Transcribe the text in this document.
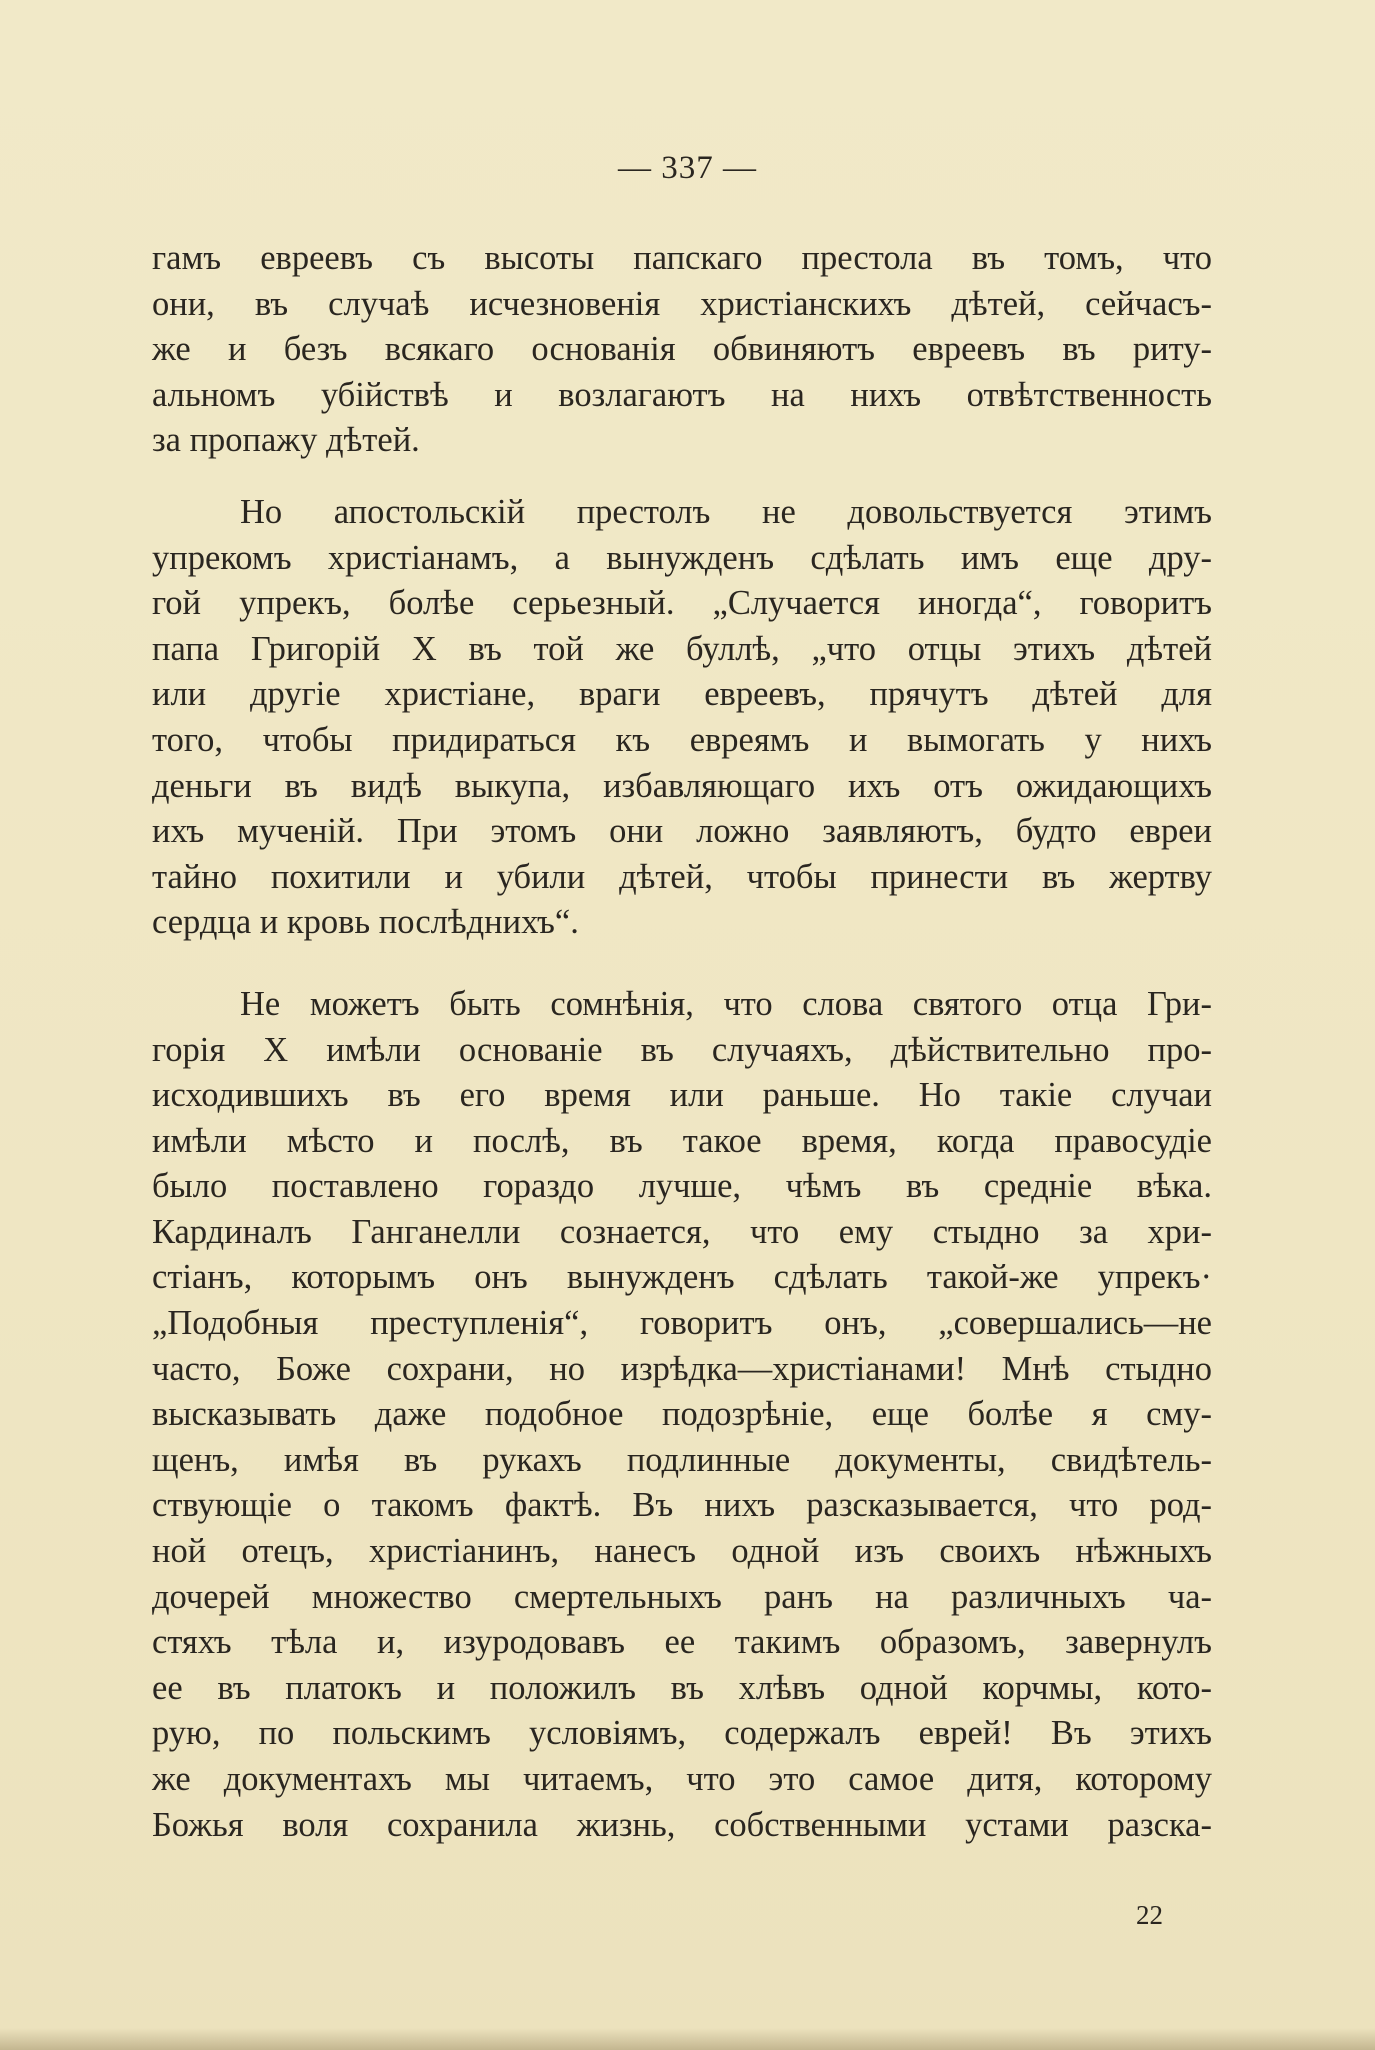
— 337 —

гамъ евреевъ съ высоты папскаго престола въ томъ, что
они, въ случаѣ исчезновенія христіанскихъ дѣтей, сейчасъ-
же и безъ всякаго основанія обвиняютъ евреевъ въ риту-
альномъ убійствѣ и возлагаютъ на нихъ отвѣтственность
за пропажу дѣтей.

Но апостольскій престолъ не довольствуется этимъ
упрекомъ христіанамъ, а вынужденъ сдѣлать имъ еще дру-
гой упрекъ, болѣе серьезный. „Случается иногда“, говоритъ
папа Григорій X въ той же буллѣ, „что отцы этихъ дѣтей
или другіе христіане, враги евреевъ, прячутъ дѣтей для
того, чтобы придираться къ евреямъ и вымогать у нихъ
деньги въ видѣ выкупа, избавляющаго ихъ отъ ожидающихъ
ихъ мученій. При этомъ они ложно заявляютъ, будто евреи
тайно похитили и убили дѣтей, чтобы принести въ жертву
сердца и кровь послѣднихъ“.

Не можетъ быть сомнѣнія, что слова святого отца Гри-
горія X имѣли основаніе въ случаяхъ, дѣйствительно про-
исходившихъ въ его время или раньше. Но такіе случаи
имѣли мѣсто и послѣ, въ такое время, когда правосудіе
было поставлено гораздо лучше, чѣмъ въ средніе вѣка.
Кардиналъ Ганганелли сознается, что ему стыдно за хри-
стіанъ, которымъ онъ вынужденъ сдѣлать такой-же упрекъ·
„Подобныя преступленія“, говоритъ онъ, „совершались—не
часто, Боже сохрани, но изрѣдка—христіанами! Мнѣ стыдно
высказывать даже подобное подозрѣніе, еще болѣе я сму-
щенъ, имѣя въ рукахъ подлинные документы, свидѣтель-
ствующіе о такомъ фактѣ. Въ нихъ разсказывается, что род-
ной отецъ, христіанинъ, нанесъ одной изъ своихъ нѣжныхъ
дочерей множество смертельныхъ ранъ на различныхъ ча-
стяхъ тѣла и, изуродовавъ ее такимъ образомъ, завернулъ
ее въ платокъ и положилъ въ хлѣвъ одной корчмы, кото-
рую, по польскимъ условіямъ, содержалъ еврей! Въ этихъ
же документахъ мы читаемъ, что это самое дитя, которому
Божья воля сохранила жизнь, собственными устами разска-

22
